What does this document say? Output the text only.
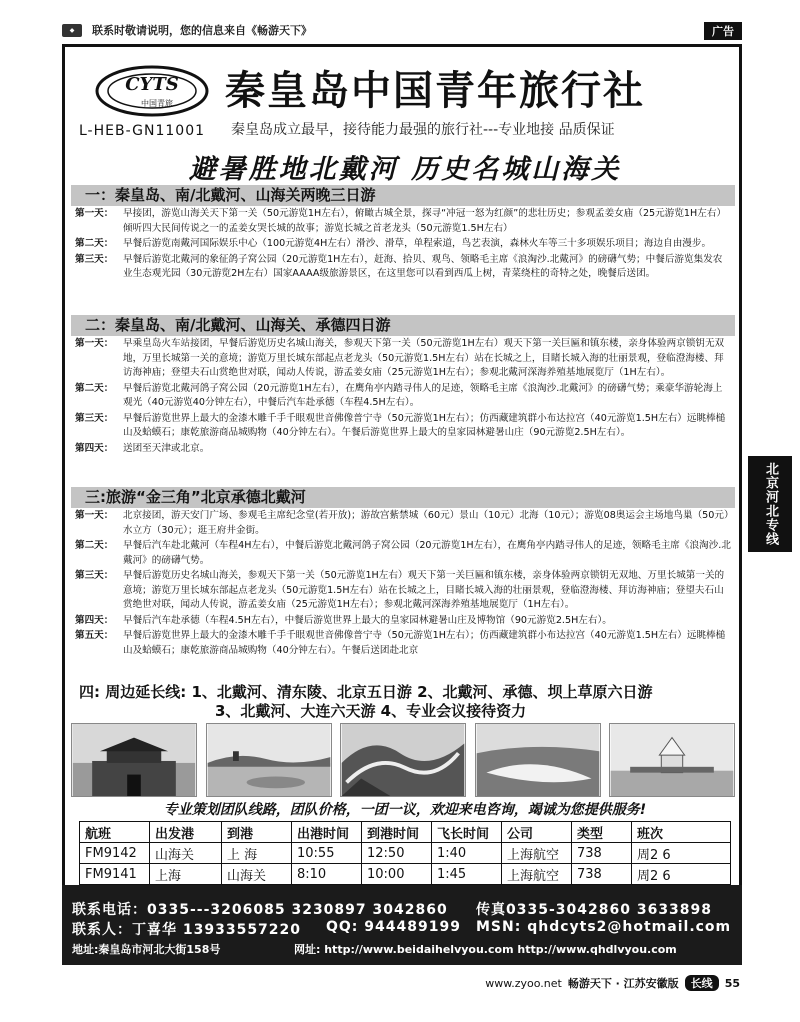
◆	联系时敬请说明，您的信息来自《畅游天下》	广告
CYTS
中国青旅 秦皇岛中国青年旅行社
L-HEB-GN11001 秦皇岛成立最早，接待能力最强的旅行社---专业地接 品质保证
避暑胜地北戴河 历史名城山海关
一：秦皇岛、南/北戴河、山海关两晚三日游
第一天：	早接团，游览山海关天下第一关（50元游览1H左右），俯瞰古城全景，探寻“冲冠一怒为红颜”的悲壮历史；参观孟姜女庙（25元游览1H左右）倾听四大民间传说之一的孟姜女哭长城的故事；游览长城之首老龙头（50元游览1.5H左右）
第二天：	早餐后游览南戴河国际娱乐中心（100元游览4H左右）滑沙、滑草，单程索道，鸟艺表演，森林火车等三十多项娱乐项目；海边自由漫步。
第三天：	早餐后游览北戴河的象征鸽子窝公园（20元游览1H左右），赶海、拾贝、观鸟、领略毛主席《浪淘沙.北戴河》的磅礴气势；中餐后游览集发农业生态观光园（30元游览2H左右）国家AAAA级旅游景区，在这里您可以看到西瓜上树，青菜绕柱的奇特之处，晚餐后送团。
二：秦皇岛、南/北戴河、山海关、承德四日游
第一天：	早乘皇岛火车站接团，早餐后游览历史名城山海关，参观天下第一关（50元游览1H左右）观天下第一关巨匾和镇东楼，亲身体验两京锁钥无双地，万里长城第一关的意境；游览万里长城东部起点老龙头（50元游览1.5H左右）站在长城之上，目睹长城入海的壮丽景观，登临澄海楼、拜访海神庙；登望夫石山赏绝世对联，闻动人传说，游孟姜女庙（25元游览1H左右）；参观北戴河深海养殖基地展览厅（1H左右）。
第二天：	早餐后游览北戴河鸽子窝公园（20元游览1H左右），在鹰角亭内踏寻伟人的足迹，领略毛主席《浪淘沙.北戴河》的磅礴气势；乘豪华游轮海上观光（40元游览40分钟左右），中餐后汽车赴承德（车程4.5H左右）。
第三天：	早餐后游览世界上最大的金漆木雕千手千眼观世音佛像普宁寺（50元游览1H左右）；仿西藏建筑群小布达拉宫（40元游览1.5H左右）远眺棒槌山及蛤蟆石；康乾旅游商品城购物（40分钟左右）。午餐后游览世界上最大的皇家园林避暑山庄（90元游览2.5H左右）。
第四天：	送团至天津或北京。
三:旅游“金三角”北京承德北戴河
第一天：	北京接团，游天安门广场、参观毛主席纪念堂(若开放)；游故宫紫禁城（60元）景山（10元）北海（10元）；游览08奥运会主场地鸟巢（50元）水立方（30元）；逛王府井金街。
第二天：	早餐后汽车赴北戴河（车程4H左右），中餐后游览北戴河鸽子窝公园（20元游览1H左右），在鹰角亭内踏寻伟人的足迹，领略毛主席《浪淘沙.北戴河》的磅礴气势。
第三天：	早餐后游览历史名城山海关，参观天下第一关（50元游览1H左右）观天下第一关巨匾和镇东楼，亲身体验两京锁钥无双地、万里长城第一关的意境；游览万里长城东部起点老龙头（50元游览1.5H左右）站在长城之上，目睹长城入海的壮丽景观，登临澄海楼、拜访海神庙；登望夫石山赏绝世对联，闻动人传说，游孟姜女庙（25元游览1H左右）；参观北戴河深海养殖基地展览厅（1H左右）。
第四天：	早餐后汽车赴承德（车程4.5H左右），中餐后游览世界上最大的皇家园林避暑山庄及博物馆（90元游览2.5H左右）。
第五天：	早餐后游览世界上最大的金漆木雕千手千眼观世音佛像普宁寺（50元游览1H左右）；仿西藏建筑群小布达拉宫（40元游览1.5H左右）远眺棒槌山及蛤蟆石；康乾旅游商品城购物（40分钟左右）。午餐后送团赴北京
四: 周边延长线: 1、北戴河、清东陵、北京五日游 2、北戴河、承德、坝上草原六日游
3、北戴河、大连六天游 4、专业会议接待资力
专业策划团队线路，团队价格，一团一议，欢迎来电咨询，竭诚为您提供服务!
航班	出发港	到港	出港时间	到港时间	飞长时间	公司	类型	班次
FM9142	山海关	上 海	10:55	12:50	1:40	上海航空	738	周2 6
FM9141	上海	山海关	8:10	10:00	1:45	上海航空	738	周2 6
联系电话：0335---3206085 3230897 3042860 传真0335-3042860 3633898
联系人：丁喜华 13933557220 QQ: 944489199 MSN: qhdcyts2@hotmail.com
地址:秦皇岛市河北大街158号	网址: http://www.beidaihelvyou.com http://www.qhdlvyou.com
北京河北专线
www.zyoo.net 畅游天下 · 江苏安徽版	长线	55
